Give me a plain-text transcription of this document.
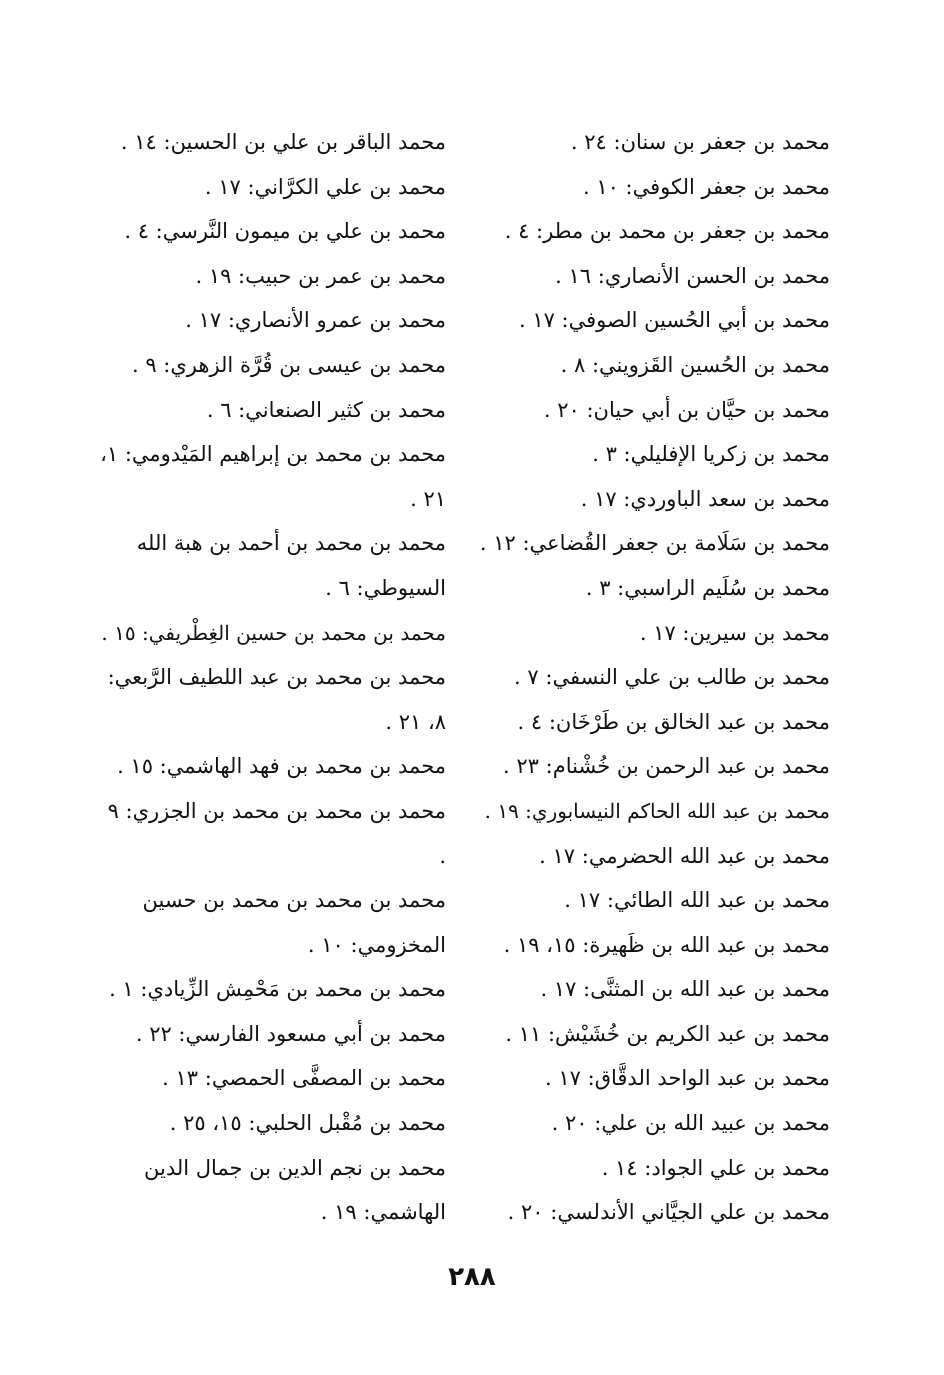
محمد بن جعفر بن سنان: ٢٤ .

محمد بن جعفر الكوفي: ١٠ .

محمد بن جعفر بن محمد بن مطر: ٤ .

محمد بن الحسن الأنصاري: ١٦ .

محمد بن أبي الحُسين الصوفي: ١٧ .

محمد بن الحُسين القَزويني: ٨ .

محمد بن حيَّان بن أبي حيان: ٢٠ .

محمد بن زكريا الإفليلي: ٣ .

محمد بن سعد الباوردي: ١٧ .

محمد بن سَلَامة بن جعفر القُضاعي: ١٢ .

محمد بن سُلَيم الراسبي: ٣ .

محمد بن سيرين: ١٧ .

محمد بن طالب بن علي النسفي: ٧ .

محمد بن عبد الخالق بن طَرْخَان: ٤ .

محمد بن عبد الرحمن بن خُشْنام: ٢٣ .

محمد بن عبد الله الحاكم النيسابوري: ١٩ .

محمد بن عبد الله الحضرمي: ١٧ .

محمد بن عبد الله الطائي: ١٧ .

محمد بن عبد الله بن ظَهيرة: ١٥، ١٩ .

محمد بن عبد الله بن المثنَّى: ١٧ .

محمد بن عبد الكريم بن خُشَيْش: ١١ .

محمد بن عبد الواحد الدقَّاق: ١٧ .

محمد بن عبيد الله بن علي: ٢٠ .

محمد بن علي الجواد: ١٤ .

محمد بن علي الجيَّاني الأندلسي: ٢٠ .

محمد الباقر بن علي بن الحسين: ١٤ .

محمد بن علي الكرَّاني: ١٧ .

محمد بن علي بن ميمون النَّرسي: ٤ .

محمد بن عمر بن حبيب: ١٩ .

محمد بن عمرو الأنصاري: ١٧ .

محمد بن عيسى بن قُرَّة الزهري: ٩ .

محمد بن كثير الصنعاني: ٦ .

محمد بن محمد بن إبراهيم المَيْدومي: ١، ٢١ .

محمد بن محمد بن أحمد بن هبة الله السيوطي: ٦ .

محمد بن محمد بن حسين الغِطْريفي: ١٥ .

محمد بن محمد بن عبد اللطيف الرَّبعي: ٨، ٢١ .

محمد بن محمد بن فهد الهاشمي: ١٥ .

محمد بن محمد بن محمد بن الجزري: ٩ .

محمد بن محمد بن محمد بن حسين المخزومي: ١٠ .

محمد بن محمد بن مَحْمِش الزِّيادي: ١ .

محمد بن أبي مسعود الفارسي: ٢٢ .

محمد بن المصفَّى الحمصي: ١٣ .

محمد بن مُقْبل الحلبي: ١٥، ٢٥ .

محمد بن نجم الدين بن جمال الدين الهاشمي: ١٩ .

٢٨٨
